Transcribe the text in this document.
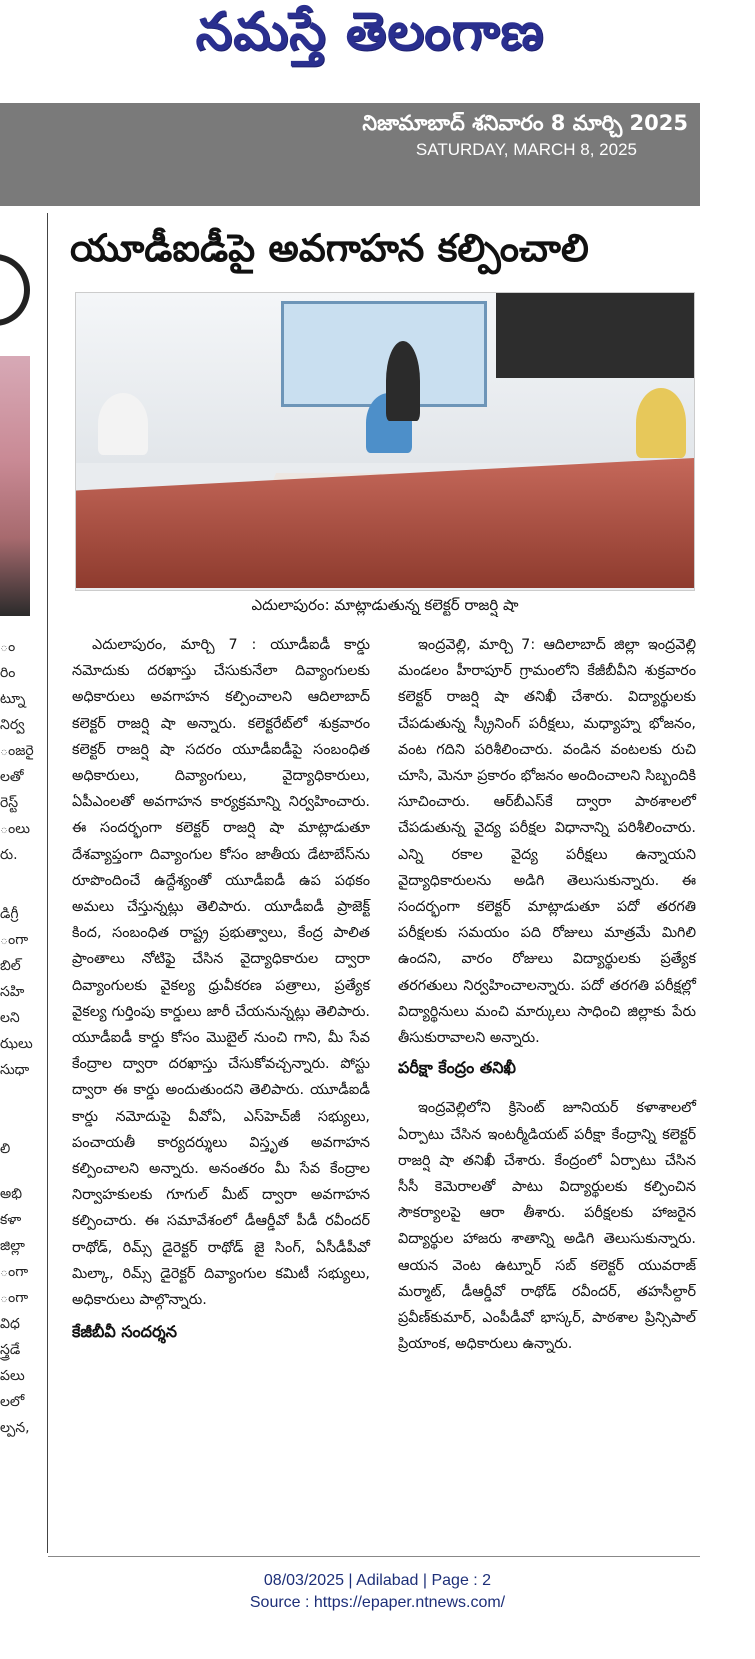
నమస్తే తెలంగాణ
నిజామాబాద్ శనివారం 8 మార్చి 2025
SATURDAY, MARCH 8, 2025
ం
రిం
ట్నూ
నిర్వ
ంజరై
లతో
రెస్ట్
ంలు
రు.
డిగ్రీ
ంగా
బిల్
సహి
లని
ఝలు
సుధా
లి
అభి
కళా
జిల్లా
ంగా
ంగా
విధ
స్త్రడే
పలు
లలో
ల్పన,
యూడీఐడీపై అవగాహన కల్పించాలి
ఎదులాపురం: మాట్లాడుతున్న కలెక్టర్ రాజర్షి షా

ఎదులాపురం, మార్చి 7 : యూడీఐడీ కార్డు నమోదుకు దరఖాస్తు చేసుకునేలా దివ్యాంగులకు అధికారులు అవగాహన కల్పించాలని ఆదిలాబాద్ కలెక్టర్ రాజర్షి షా అన్నారు. కలెక్టరేట్‌లో శుక్రవారం కలెక్టర్ రాజర్షి షా సదరం యూడీఐడీపై సంబంధిత అధికారులు, దివ్యాంగులు, వైద్యాధికారులు, ఏపీఎంలతో అవగాహన కార్యక్రమాన్ని నిర్వహించారు. ఈ సందర్భంగా కలెక్టర్ రాజర్షి షా మాట్లాడుతూ దేశవ్యాప్తంగా దివ్యాంగుల కోసం జాతీయ డేటాబేస్‌ను రూపొందించే ఉద్దేశ్యంతో యూడీఐడీ ఉప పథకం అమలు చేస్తున్నట్లు తెలిపారు. యూడీఐడీ ప్రాజెక్ట్ కింద, సంబంధిత రాష్ట్ర ప్రభుత్వాలు, కేంద్ర పాలిత ప్రాంతాలు నోటిఫై చేసిన వైద్యాధికారుల ద్వారా దివ్యాంగులకు వైకల్య ధ్రువీకరణ పత్రాలు, ప్రత్యేక వైకల్య గుర్తింపు కార్డులు జారీ చేయనున్నట్లు తెలిపారు. యూడీఐడీ కార్డు కోసం మొబైల్ నుంచి గాని, మీ సేవ కేంద్రాల ద్వారా దరఖాస్తు చేసుకోవచ్చన్నారు. పోస్టు ద్వారా ఈ కార్డు అందుతుందని తెలిపారు. యూడీఐడీ కార్డు నమోదుపై వీవోఏ, ఎస్‌హెచ్‌జీ సభ్యులు, పంచాయతీ కార్యదర్శులు విస్తృత అవగాహన కల్పించాలని అన్నారు. అనంతరం మీ సేవ కేంద్రాల నిర్వాహకులకు గూగుల్ మీట్ ద్వారా అవగాహన కల్పించారు. ఈ సమావేశంలో డీఆర్డీవో పీడీ రవీందర్ రాథోడ్, రిమ్స్ డైరెక్టర్ రాథోడ్ జై సింగ్, ఏసీడీపీవో మిల్కా, రిమ్స్ డైరెక్టర్ దివ్యాంగుల కమిటీ సభ్యులు, అధికారులు పాల్గొన్నారు.

కేజీబీవీ సందర్శన

ఇంద్రవెల్లి, మార్చి 7: ఆదిలాబాద్ జిల్లా ఇంద్రవెల్లి మండలం హీరాపూర్ గ్రామంలోని కేజీబీవీని శుక్రవారం కలెక్టర్ రాజర్షి షా తనిఖీ చేశారు. విద్యార్థులకు చేపడుతున్న స్క్రీనింగ్ పరీక్షలు, మధ్యాహ్న భోజనం, వంట గదిని పరిశీలించారు. వండిన వంటలకు రుచి చూసి, మెనూ ప్రకారం భోజనం అందించాలని సిబ్బందికి సూచించారు. ఆర్‌బీఎస్‌కే ద్వారా పాఠశాలలో చేపడుతున్న వైద్య పరీక్షల విధానాన్ని పరిశీలించారు. ఎన్ని రకాల వైద్య పరీక్షలు ఉన్నాయని వైద్యాధికారులను అడిగి తెలుసుకున్నారు. ఈ సందర్భంగా కలెక్టర్ మాట్లాడుతూ పదో తరగతి పరీక్షలకు సమయం పది రోజులు మాత్రమే మిగిలి ఉందని, వారం రోజులు విద్యార్థులకు ప్రత్యేక తరగతులు నిర్వహించాలన్నారు. పదో తరగతి పరీక్షల్లో విద్యార్థినులు మంచి మార్కులు సాధించి జిల్లాకు పేరు తీసుకురావాలని అన్నారు.

పరీక్షా కేంద్రం తనిఖీ

ఇంద్రవెల్లిలోని క్రిసెంట్ జూనియర్ కళాశాలలో ఏర్పాటు చేసిన ఇంటర్మీడియట్ పరీక్షా కేంద్రాన్ని కలెక్టర్ రాజర్షి షా తనిఖీ చేశారు. కేంద్రంలో ఏర్పాటు చేసిన సీసీ కెమెరాలతో పాటు విద్యార్థులకు కల్పించిన సౌకర్యాలపై ఆరా తీశారు. పరీక్షలకు హాజరైన విద్యార్థుల హాజరు శాతాన్ని అడిగి తెలుసుకున్నారు. ఆయన వెంట ఉట్నూర్ సబ్ కలెక్టర్ యువరాజ్ మర్మాట్, డీఆర్డీవో రాథోడ్ రవీందర్, తహసీల్దార్ ప్రవీణ్‌కుమార్, ఎంపీడీవో భాస్కర్, పాఠశాల ప్రిన్సిపాల్ ప్రియాంక, అధికారులు ఉన్నారు.

08/03/2025 | Adilabad | Page : 2
Source : https://epaper.ntnews.com/
